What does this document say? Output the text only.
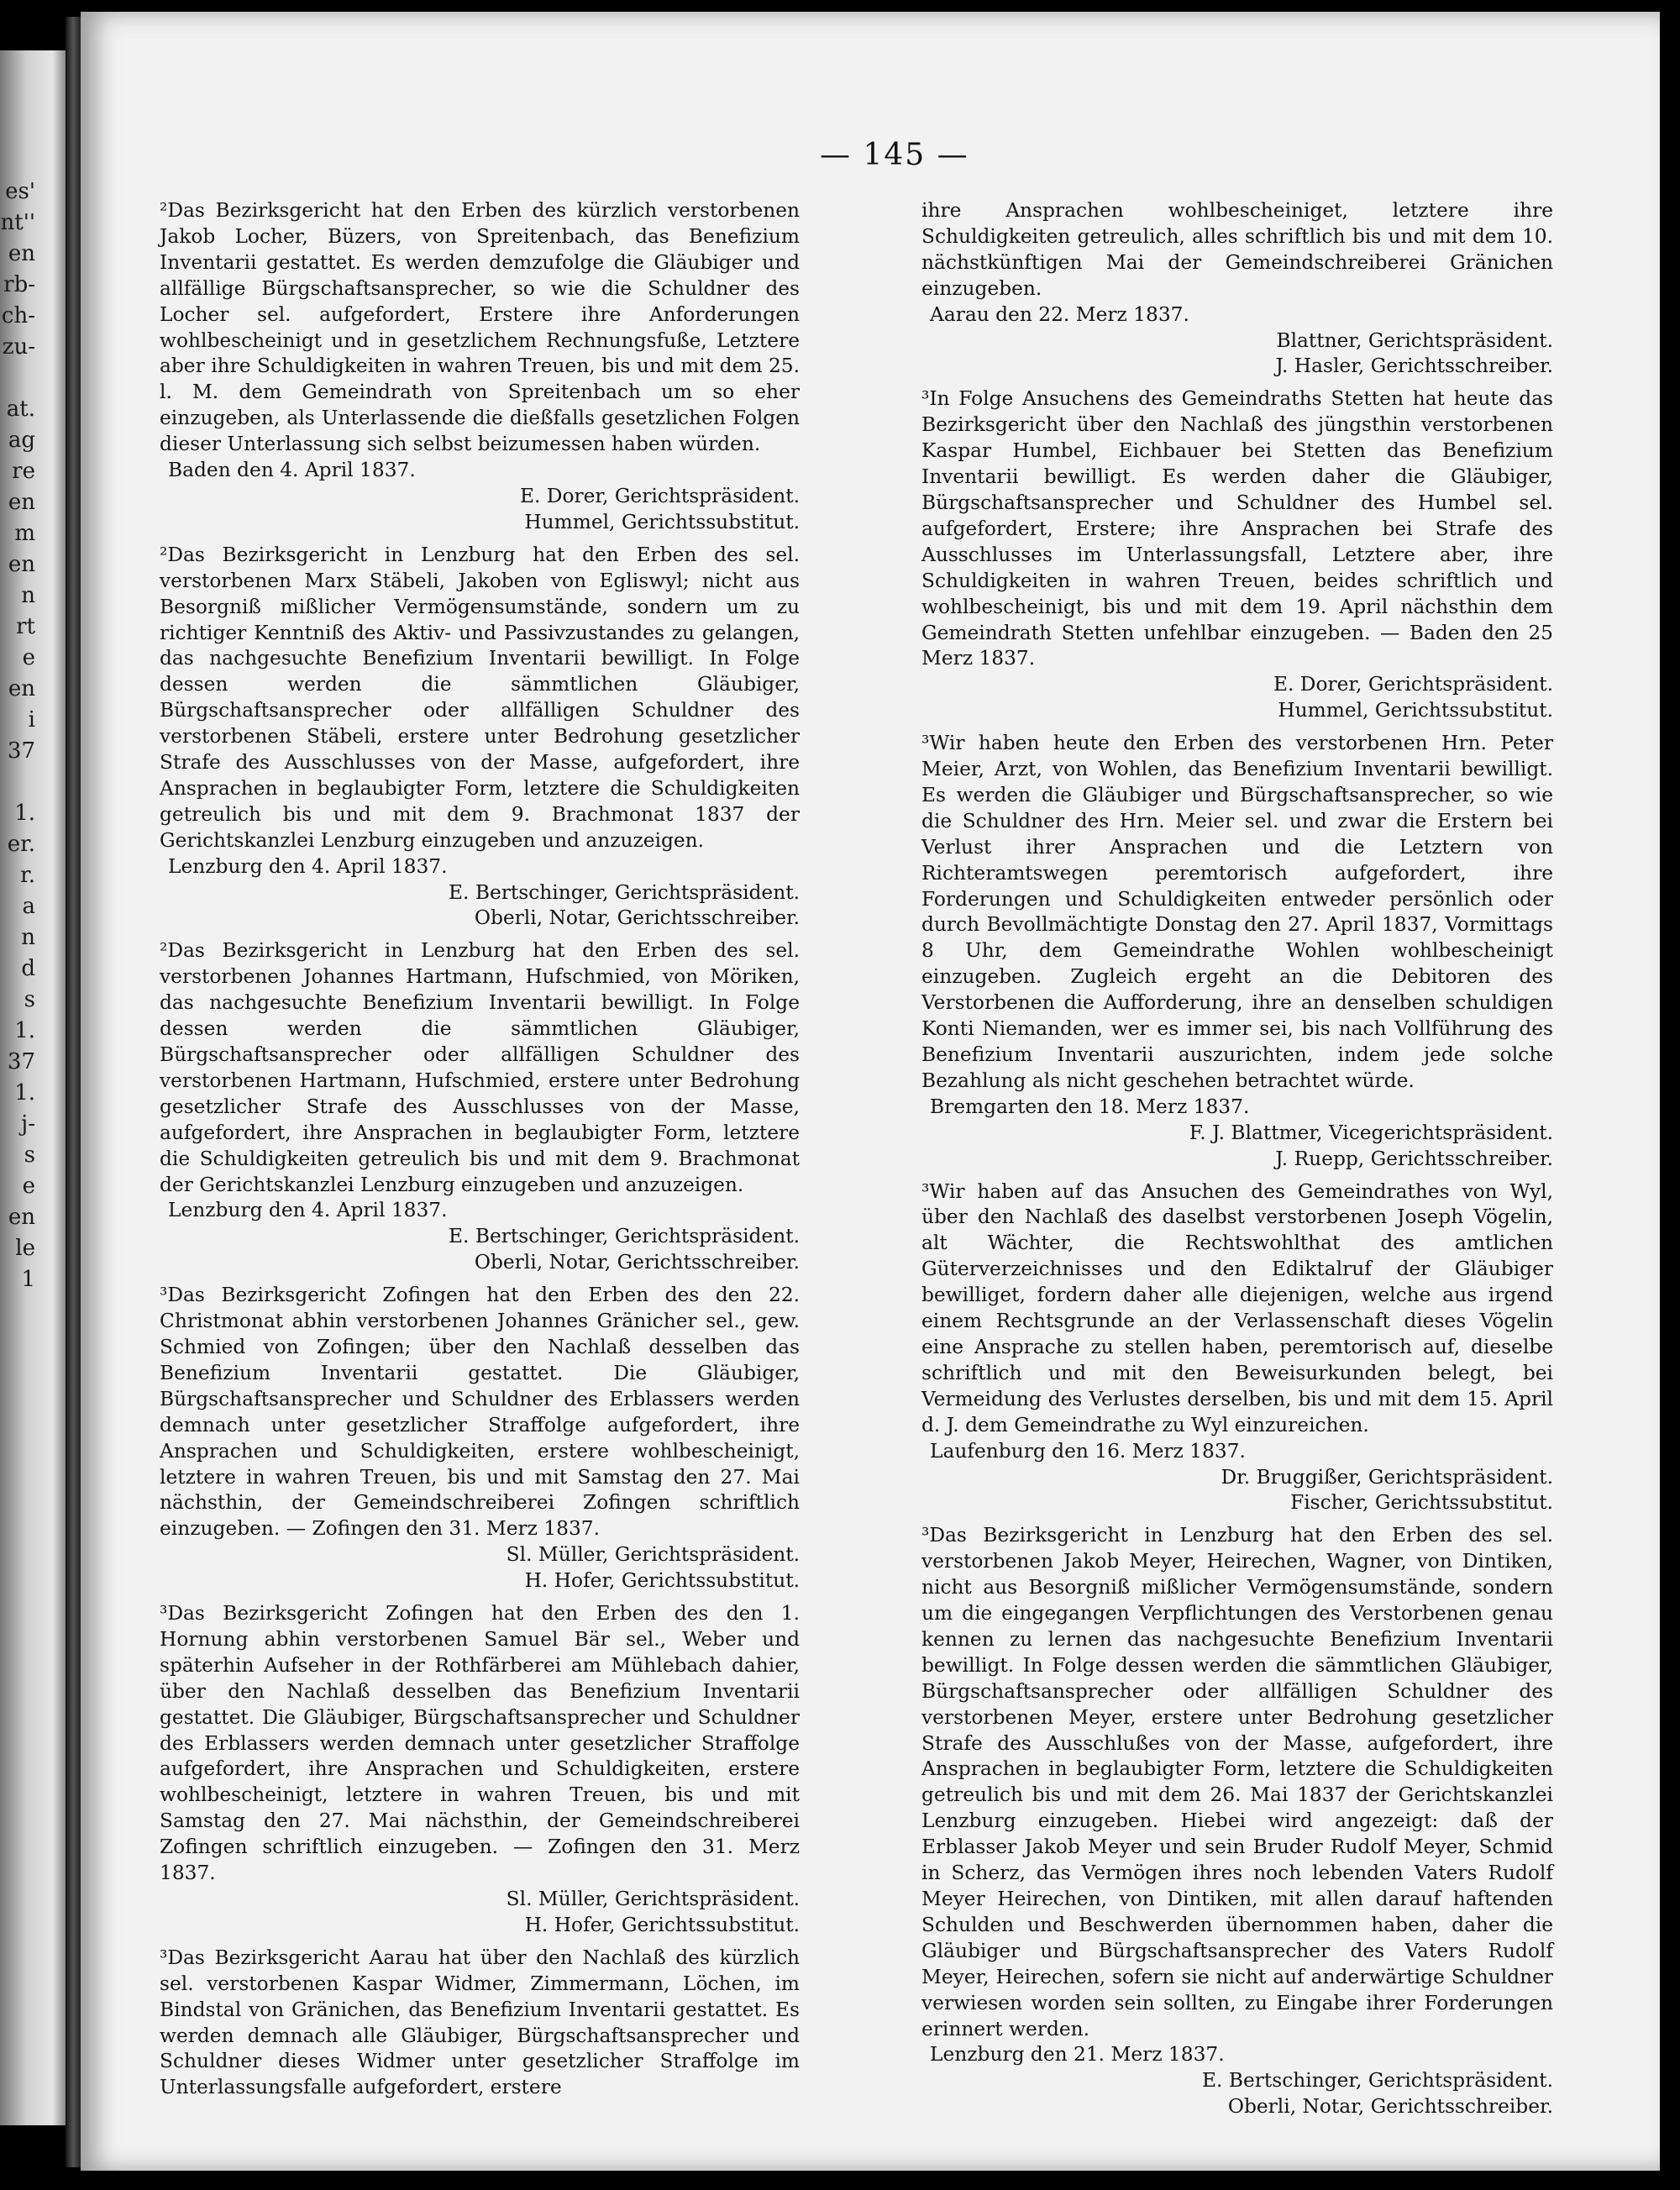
es'
nt''
en
rb-
ch-
zu-

at.
ag
re
en
m
en
n
rt
e
en
i
37

1.
er.
r.
a
n
d
s
1.
37
1.
j-
s
e
en
le
1
— 145 —

²Das Bezirksgericht hat den Erben des kürzlich verstorbenen Jakob Locher, Büzers, von Spreitenbach, das Benefizium Inventarii gestattet. Es werden demzufolge die Gläubiger und allfällige Bürgschaftsansprecher, so wie die Schuldner des Locher sel. aufgefordert, Erstere ihre Anforderungen wohlbescheinigt und in gesetzlichem Rechnungsfuße, Letztere aber ihre Schuldigkeiten in wahren Treuen, bis und mit dem 25. l. M. dem Gemeindrath von Spreitenbach um so eher einzugeben, als Unterlassende die dießfalls gesetzlichen Folgen dieser Unterlassung sich selbst beizumessen haben würden.

Baden den 4. April 1837.

E. Dorer, Gerichtspräsident.

Hummel, Gerichtssubstitut.

²Das Bezirksgericht in Lenzburg hat den Erben des sel. verstorbenen Marx Stäbeli, Jakoben von Egliswyl; nicht aus Besorgniß mißlicher Vermögensumstände, sondern um zu richtiger Kenntniß des Aktiv- und Passivzustandes zu gelangen, das nachgesuchte Benefizium Inventarii bewilligt. In Folge dessen werden die sämmtlichen Gläubiger, Bürgschaftsansprecher oder allfälligen Schuldner des verstorbenen Stäbeli, erstere unter Bedrohung gesetzlicher Strafe des Ausschlusses von der Masse, aufgefordert, ihre Ansprachen in beglaubigter Form, letztere die Schuldigkeiten getreulich bis und mit dem 9. Brachmonat 1837 der Gerichtskanzlei Lenzburg einzugeben und anzuzeigen.

Lenzburg den 4. April 1837.

E. Bertschinger, Gerichtspräsident.

Oberli, Notar, Gerichtsschreiber.

²Das Bezirksgericht in Lenzburg hat den Erben des sel. verstorbenen Johannes Hartmann, Hufschmied, von Möriken, das nachgesuchte Benefizium Inventarii bewilligt. In Folge dessen werden die sämmtlichen Gläubiger, Bürgschaftsansprecher oder allfälligen Schuldner des verstorbenen Hartmann, Hufschmied, erstere unter Bedrohung gesetzlicher Strafe des Ausschlusses von der Masse, aufgefordert, ihre Ansprachen in beglaubigter Form, letztere die Schuldigkeiten getreulich bis und mit dem 9. Brachmonat der Gerichtskanzlei Lenzburg einzugeben und anzuzeigen.

Lenzburg den 4. April 1837.

E. Bertschinger, Gerichtspräsident.

Oberli, Notar, Gerichtsschreiber.

³Das Bezirksgericht Zofingen hat den Erben des den 22. Christmonat abhin verstorbenen Johannes Gränicher sel., gew. Schmied von Zofingen; über den Nachlaß desselben das Benefizium Inventarii gestattet. Die Gläubiger, Bürgschaftsansprecher und Schuldner des Erblassers werden demnach unter gesetzlicher Straffolge aufgefordert, ihre Ansprachen und Schuldigkeiten, erstere wohlbescheinigt, letztere in wahren Treuen, bis und mit Samstag den 27. Mai nächsthin, der Gemeindschreiberei Zofingen schriftlich einzugeben. — Zofingen den 31. Merz 1837.

Sl. Müller, Gerichtspräsident.

H. Hofer, Gerichtssubstitut.

³Das Bezirksgericht Zofingen hat den Erben des den 1. Hornung abhin verstorbenen Samuel Bär sel., Weber und späterhin Aufseher in der Rothfärberei am Mühlebach dahier, über den Nachlaß desselben das Benefizium Inventarii gestattet. Die Gläubiger, Bürgschaftsansprecher und Schuldner des Erblassers werden demnach unter gesetzlicher Straffolge aufgefordert, ihre Ansprachen und Schuldigkeiten, erstere wohlbescheinigt, letztere in wahren Treuen, bis und mit Samstag den 27. Mai nächsthin, der Gemeindschreiberei Zofingen schriftlich einzugeben. — Zofingen den 31. Merz 1837.

Sl. Müller, Gerichtspräsident.

H. Hofer, Gerichtssubstitut.

³Das Bezirksgericht Aarau hat über den Nachlaß des kürzlich sel. verstorbenen Kaspar Widmer, Zimmermann, Löchen, im Bindstal von Gränichen, das Benefizium Inventarii gestattet. Es werden demnach alle Gläubiger, Bürgschaftsansprecher und Schuldner dieses Widmer unter gesetzlicher Straffolge im Unterlassungsfalle aufgefordert, erstere

ihre Ansprachen wohlbescheiniget, letztere ihre Schuldigkeiten getreulich, alles schriftlich bis und mit dem 10. nächstkünftigen Mai der Gemeindschreiberei Gränichen einzugeben.

Aarau den 22. Merz 1837.

Blattner, Gerichtspräsident.

J. Hasler, Gerichtsschreiber.

³In Folge Ansuchens des Gemeindraths Stetten hat heute das Bezirksgericht über den Nachlaß des jüngsthin verstorbenen Kaspar Humbel, Eichbauer bei Stetten das Benefizium Inventarii bewilligt. Es werden daher die Gläubiger, Bürgschaftsansprecher und Schuldner des Humbel sel. aufgefordert, Erstere; ihre Ansprachen bei Strafe des Ausschlusses im Unterlassungsfall, Letztere aber, ihre Schuldigkeiten in wahren Treuen, beides schriftlich und wohlbescheinigt, bis und mit dem 19. April nächsthin dem Gemeindrath Stetten unfehlbar einzugeben. — Baden den 25 Merz 1837.

E. Dorer, Gerichtspräsident.

Hummel, Gerichtssubstitut.

³Wir haben heute den Erben des verstorbenen Hrn. Peter Meier, Arzt, von Wohlen, das Benefizium Inventarii bewilligt. Es werden die Gläubiger und Bürgschaftsansprecher, so wie die Schuldner des Hrn. Meier sel. und zwar die Erstern bei Verlust ihrer Ansprachen und die Letztern von Richteramtswegen peremtorisch aufgefordert, ihre Forderungen und Schuldigkeiten entweder persönlich oder durch Bevollmächtigte Donstag den 27. April 1837, Vormittags 8 Uhr, dem Gemeindrathe Wohlen wohlbescheinigt einzugeben. Zugleich ergeht an die Debitoren des Verstorbenen die Aufforderung, ihre an denselben schuldigen Konti Niemanden, wer es immer sei, bis nach Vollführung des Benefizium Inventarii auszurichten, indem jede solche Bezahlung als nicht geschehen betrachtet würde.

Bremgarten den 18. Merz 1837.

F. J. Blattmer, Vicegerichtspräsident.

J. Ruepp, Gerichtsschreiber.

³Wir haben auf das Ansuchen des Gemeindrathes von Wyl, über den Nachlaß des daselbst verstorbenen Joseph Vögelin, alt Wächter, die Rechtswohlthat des amtlichen Güterverzeichnisses und den Ediktalruf der Gläubiger bewilliget, fordern daher alle diejenigen, welche aus irgend einem Rechtsgrunde an der Verlassenschaft dieses Vögelin eine Ansprache zu stellen haben, peremtorisch auf, dieselbe schriftlich und mit den Beweisurkunden belegt, bei Vermeidung des Verlustes derselben, bis und mit dem 15. April d. J. dem Gemeindrathe zu Wyl einzureichen.

Laufenburg den 16. Merz 1837.

Dr. Bruggißer, Gerichtspräsident.

Fischer, Gerichtssubstitut.

³Das Bezirksgericht in Lenzburg hat den Erben des sel. verstorbenen Jakob Meyer, Heirechen, Wagner, von Dintiken, nicht aus Besorgniß mißlicher Vermögensumstände, sondern um die eingegangen Verpflichtungen des Verstorbenen genau kennen zu lernen das nachgesuchte Benefizium Inventarii bewilligt. In Folge dessen werden die sämmtlichen Gläubiger, Bürgschaftsansprecher oder allfälligen Schuldner des verstorbenen Meyer, erstere unter Bedrohung gesetzlicher Strafe des Ausschlußes von der Masse, aufgefordert, ihre Ansprachen in beglaubigter Form, letztere die Schuldigkeiten getreulich bis und mit dem 26. Mai 1837 der Gerichtskanzlei Lenzburg einzugeben. Hiebei wird angezeigt: daß der Erblasser Jakob Meyer und sein Bruder Rudolf Meyer, Schmid in Scherz, das Vermögen ihres noch lebenden Vaters Rudolf Meyer Heirechen, von Dintiken, mit allen darauf haftenden Schulden und Beschwerden übernommen haben, daher die Gläubiger und Bürgschaftsansprecher des Vaters Rudolf Meyer, Heirechen, sofern sie nicht auf anderwärtige Schuldner verwiesen worden sein sollten, zu Eingabe ihrer Forderungen erinnert werden.

Lenzburg den 21. Merz 1837.

E. Bertschinger, Gerichtspräsident.

Oberli, Notar, Gerichtsschreiber.
